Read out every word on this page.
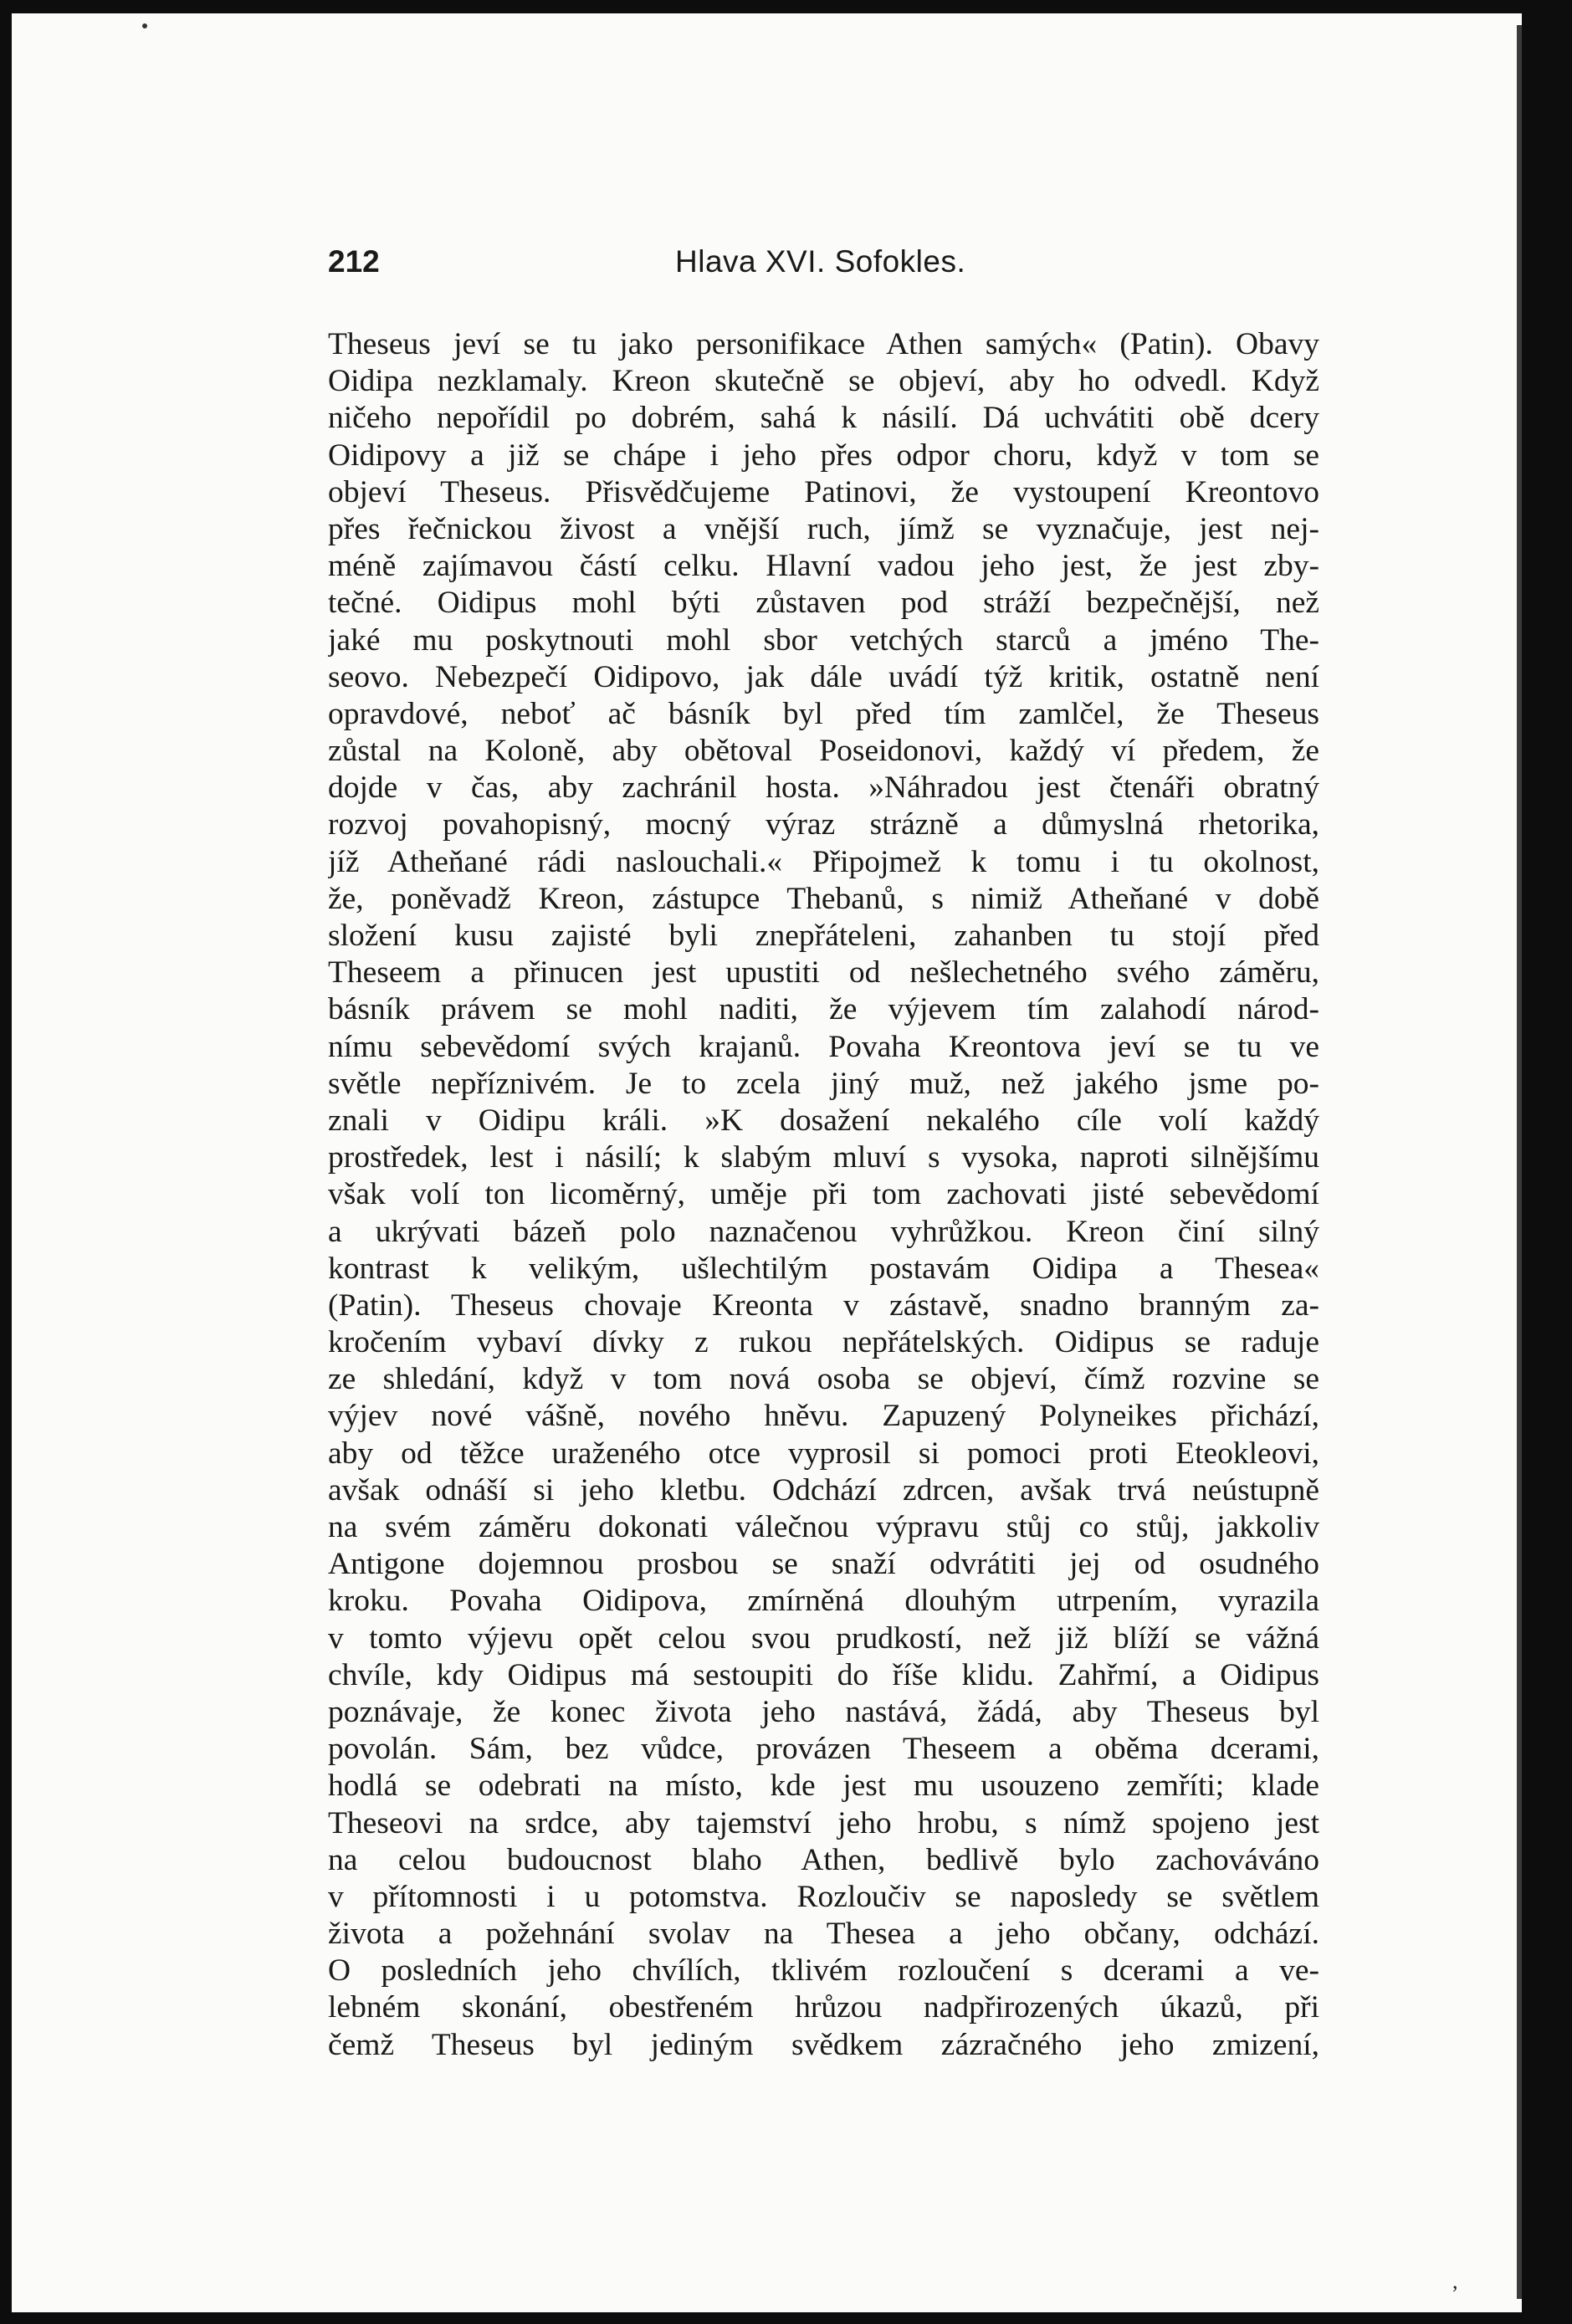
212	Hlava XVI. Sofokles.
Theseus jeví se tu jako personifikace Athen samých« (Patin). Obavy
Oidipa nezklamaly. Kreon skutečně se objeví, aby ho odvedl. Když
ničeho nepořídil po dobrém, sahá k násilí. Dá uchvátiti obě dcery
Oidipovy a již se chápe i jeho přes odpor choru, když v tom se
objeví Theseus. Přisvědčujeme Patinovi, že vystoupení Kreontovo
přes řečnickou živost a vnější ruch, jímž se vyznačuje, jest nej-
méně zajímavou částí celku. Hlavní vadou jeho jest, že jest zby-
tečné. Oidipus mohl býti zůstaven pod stráží bezpečnější, než
jaké mu poskytnouti mohl sbor vetchých starců a jméno The-
seovo. Nebezpečí Oidipovo, jak dále uvádí týž kritik, ostatně není
opravdové, neboť ač básník byl před tím zamlčel, že Theseus
zůstal na Koloně, aby obětoval Poseidonovi, každý ví předem, že
dojde v čas, aby zachránil hosta. »Náhradou jest čtenáři obratný
rozvoj povahopisný, mocný výraz strázně a důmyslná rhetorika,
jíž Atheňané rádi naslouchali.« Připojmež k tomu i tu okolnost,
že, poněvadž Kreon, zástupce Thebanů, s nimiž Atheňané v době
složení kusu zajisté byli znepřáteleni, zahanben tu stojí před
Theseem a přinucen jest upustiti od nešlechetného svého záměru,
básník právem se mohl naditi, že výjevem tím zalahodí národ-
nímu sebevědomí svých krajanů. Povaha Kreontova jeví se tu ve
světle nepříznivém. Je to zcela jiný muž, než jakého jsme po-
znali v Oidipu králi. »K dosažení nekalého cíle volí každý
prostředek, lest i násilí; k slabým mluví s vysoka, naproti silnějšímu
však volí ton licoměrný, uměje při tom zachovati jisté sebevědomí
a ukrývati bázeň polo naznačenou vyhrůžkou. Kreon činí silný
kontrast k velikým, ušlechtilým postavám Oidipa a Thesea«
(Patin). Theseus chovaje Kreonta v zástavě, snadno branným za-
kročením vybaví dívky z rukou nepřátelských. Oidipus se raduje
ze shledání, když v tom nová osoba se objeví, čímž rozvine se
výjev nové vášně, nového hněvu. Zapuzený Polyneikes přichází,
aby od těžce uraženého otce vyprosil si pomoci proti Eteokleovi,
avšak odnáší si jeho kletbu. Odchází zdrcen, avšak trvá neústupně
na svém záměru dokonati válečnou výpravu stůj co stůj, jakkoliv
Antigone dojemnou prosbou se snaží odvrátiti jej od osudného
kroku. Povaha Oidipova, zmírněná dlouhým utrpením, vyrazila
v tomto výjevu opět celou svou prudkostí, než již blíží se vážná
chvíle, kdy Oidipus má sestoupiti do říše klidu. Zahřmí, a Oidipus
poznávaje, že konec života jeho nastává, žádá, aby Theseus byl
povolán. Sám, bez vůdce, provázen Theseem a oběma dcerami,
hodlá se odebrati na místo, kde jest mu usouzeno zemříti; klade
Theseovi na srdce, aby tajemství jeho hrobu, s nímž spojeno jest
na celou budoucnost blaho Athen, bedlivě bylo zachováváno
v přítomnosti i u potomstva. Rozloučiv se naposledy se světlem
života a požehnání svolav na Thesea a jeho občany, odchází.
O posledních jeho chvílích, tklivém rozloučení s dcerami a ve-
lebném skonání, obestřeném hrůzou nadpřirozených úkazů, při
čemž Theseus byl jediným svědkem zázračného jeho zmizení,
,
